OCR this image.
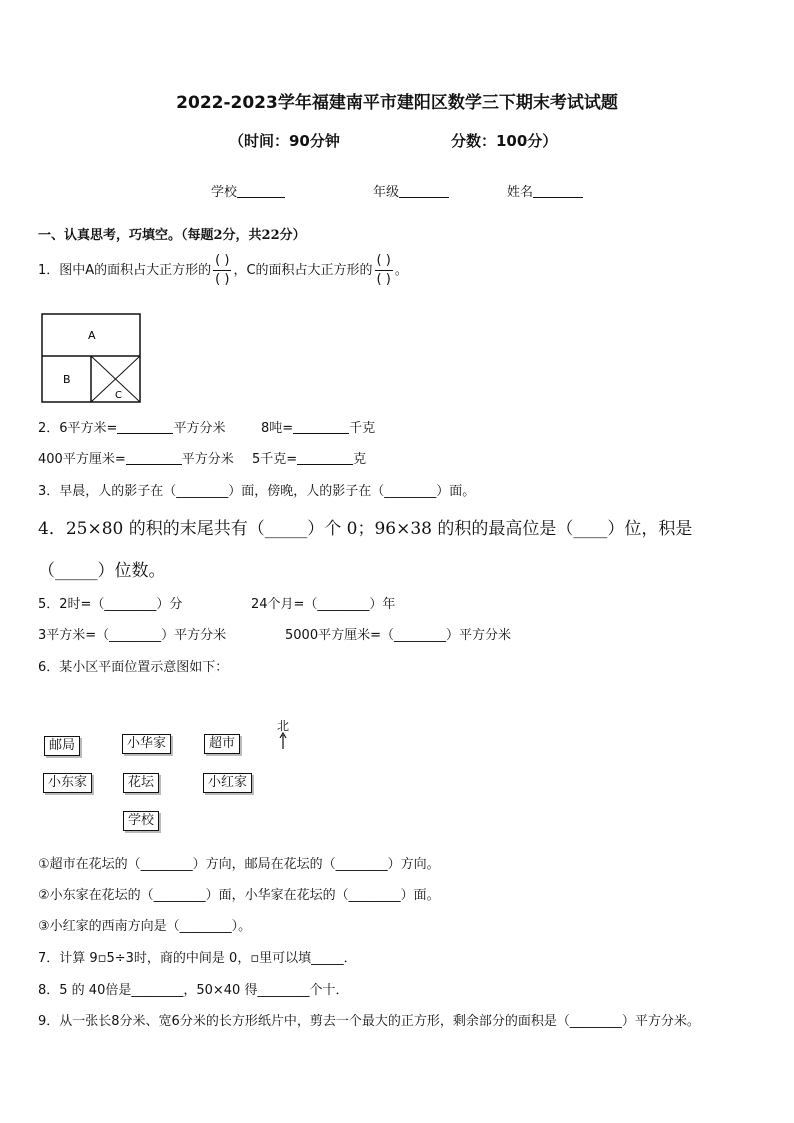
2022-2023学年福建南平市建阳区数学三下期末考试试题
（时间：90分钟	分数：100分）
学校	年级	姓名
一、认真思考，巧填空。（每题2分，共22分）
1．图中A的面积占大正方形的 $\frac{( )}{( )}$ ，C的面积占大正方形的 $\frac{( )}{( )}$ 。
A
B
C
2．6平方米=	平方分米	8吨=	千克
400平方厘米=	平方分米 5千克=	克
3．早晨，人的影子在（________）面，傍晚，人的影子在（________）面。
4．25×80 的积的末尾共有（_____）个 0；96×38 的积的最高位是（____）位，积是
（_____）位数。
5．2时=（________）分	24个月=（________）年
3平方米=（________）平方分米	5000平方厘米=（________）平方分米
6．某小区平面位置示意图如下：
邮局	小华家	超市
小东家	花坛	小红家
学校
北
①超市在花坛的（________）方向，邮局在花坛的（________）方向。
②小东家在花坛的（________）面，小华家在花坛的（________）面。
③小红家的西南方向是（________）。
7．计算 9▫5÷3时，商的中间是 0，▫里可以填_____．
8．5 的 40倍是________，50×40 得________个十．
9．从一张长8分米、宽6分米的长方形纸片中，剪去一个最大的正方形，剩余部分的面积是（________）平方分米。
